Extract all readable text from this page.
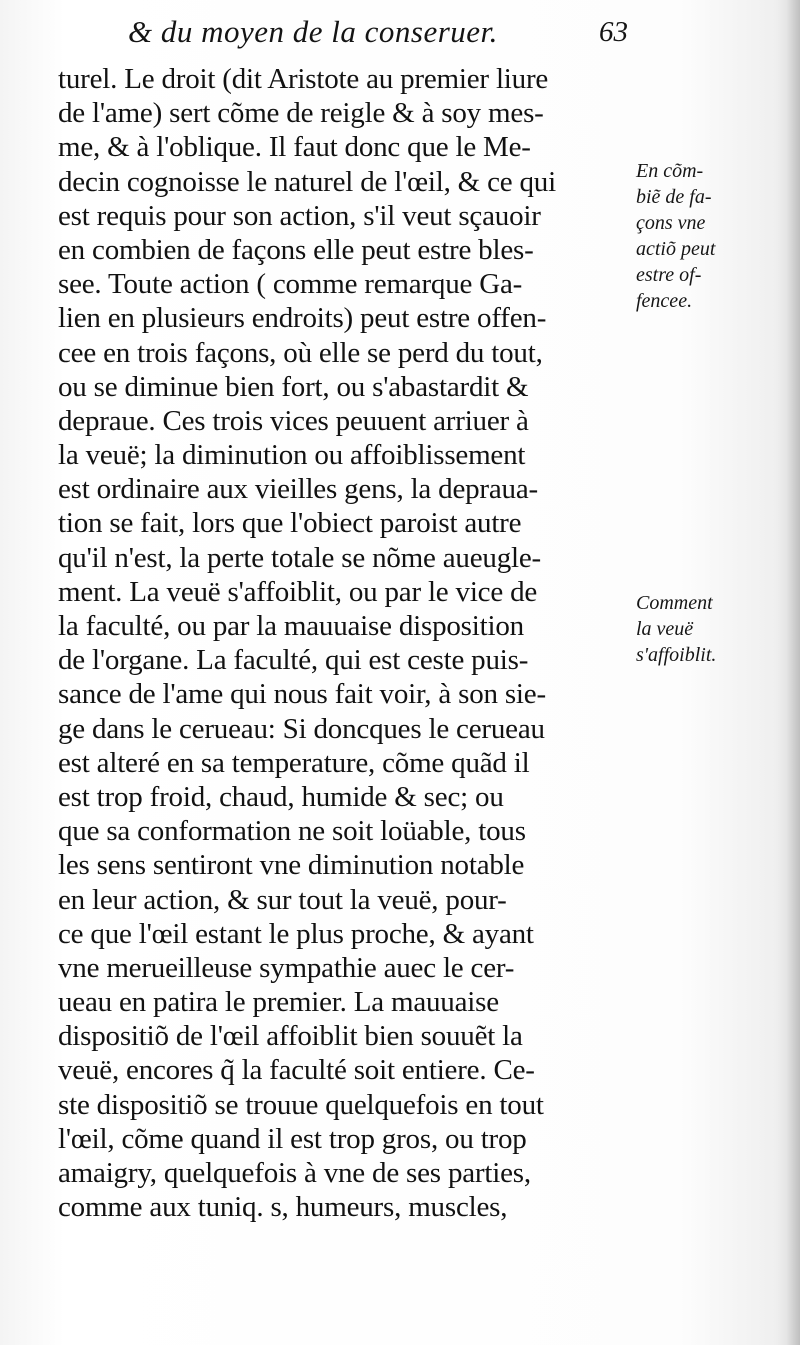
& du moyen de la conseruer.	63
turel. Le droit (dit Aristote au premier liure
de l'ame) sert cõme de reigle & à soy mes-
me, & à l'oblique. Il faut donc que le Me-
decin cognoisse le naturel de l'œil, & ce qui
est requis pour son action, s'il veut sçauoir
en combien de façons elle peut estre bles-
see. Toute action ( comme remarque Ga-
lien en plusieurs endroits) peut estre offen-
cee en trois façons, où elle se perd du tout,
ou se diminue bien fort, ou s'abastardit &
depraue. Ces trois vices peuuent arriuer à
la veuë; la diminution ou affoiblissement
est ordinaire aux vieilles gens, la deprauа-
tion se fait, lors que l'obiect paroist autre
qu'il n'est, la perte totale se nõme aueugle-
ment. La veuë s'affoiblit, ou par le vice de
la faculté, ou par la mauuaise disposition
de l'organe. La faculté, qui est ceste puis-
sance de l'ame qui nous fait voir, à son sie-
ge dans le cerueau: Si doncques le cerueau
est alteré en sa temperature, cõme quãd il
est trop froid, chaud, humide & sec; ou
que sa conformation ne soit loüable, tous
les sens sentiront vne diminution notable
en leur action, & sur tout la veuë, pour-
ce que l'œil estant le plus proche, & ayant
vne merueilleuse sympathie auec le cer-
ueau en patira le premier. La mauuaise
dispositiõ de l'œil affoiblit bien souuẽt la
veuë, encores q̃ la faculté soit entiere. Ce-
ste dispositiõ se trouue quelquefois en tout
l'œil, cõme quand il est trop gros, ou trop
amaigry, quelquefois à vne de ses parties,
comme aux tuniq. s, humeurs, muscles,
En cõm-
biẽ de fa-
çons vne
actiõ peut
estre of-
fencee.
Comment
la veuë
s'affoiblit.
